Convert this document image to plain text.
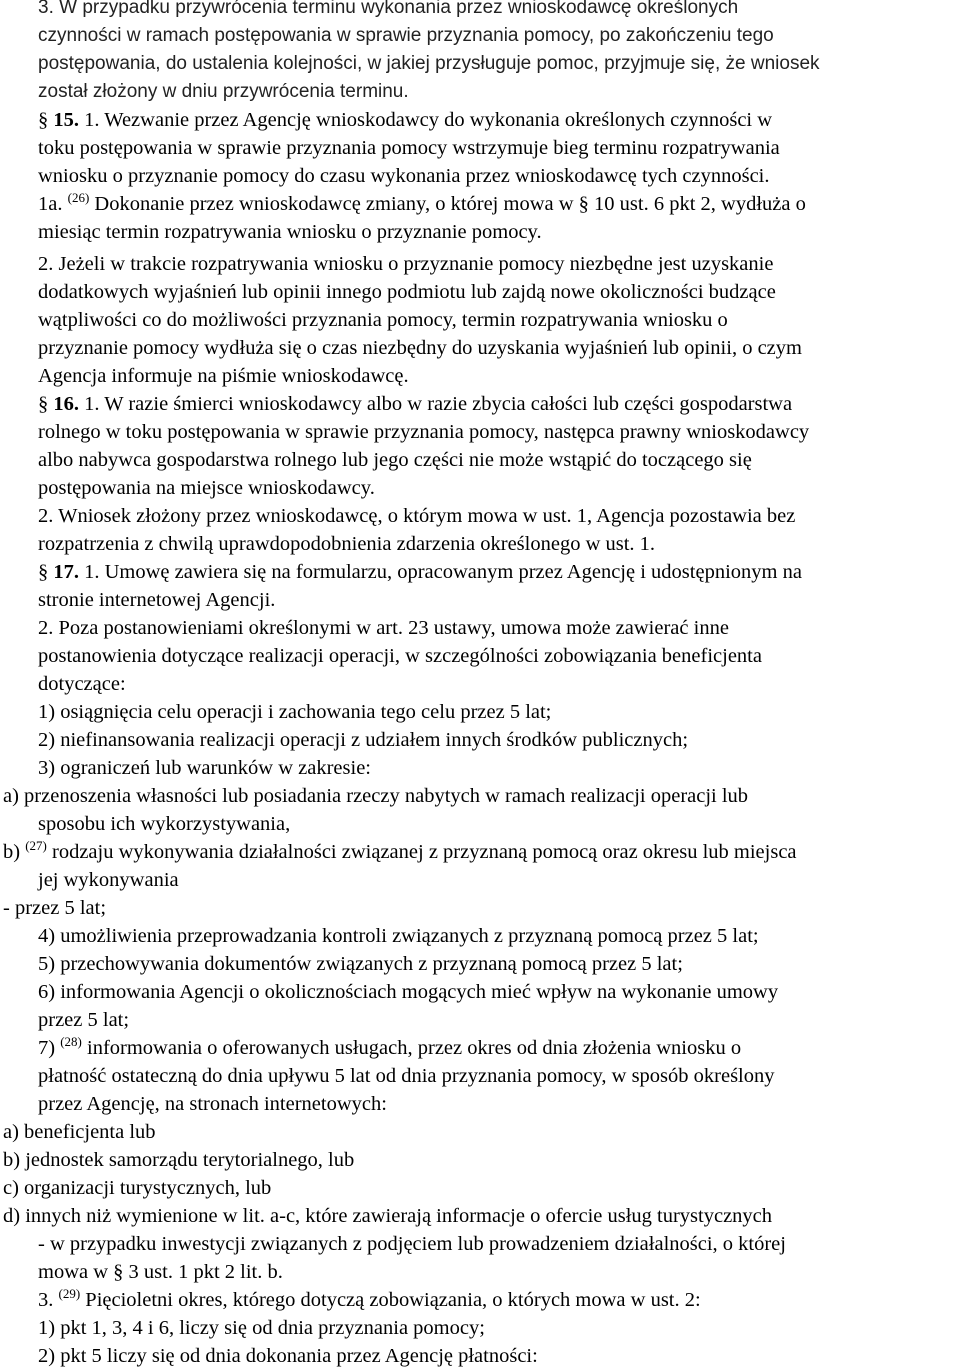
3. W przypadku przywrócenia terminu wykonania przez wnioskodawcę określonych
czynności w ramach postępowania w sprawie przyznania pomocy, po zakończeniu tego
postępowania, do ustalenia kolejności, w jakiej przysługuje pomoc, przyjmuje się, że wniosek
został złożony w dniu przywrócenia terminu.
§ 15. 1. Wezwanie przez Agencję wnioskodawcy do wykonania określonych czynności w
toku postępowania w sprawie przyznania pomocy wstrzymuje bieg terminu rozpatrywania
wniosku o przyznanie pomocy do czasu wykonania przez wnioskodawcę tych czynności.
1a. $^{(26)}$ Dokonanie przez wnioskodawcę zmiany, o której mowa w § 10 ust. 6 pkt 2, wydłuża o
miesiąc termin rozpatrywania wniosku o przyznanie pomocy.
2. Jeżeli w trakcie rozpatrywania wniosku o przyznanie pomocy niezbędne jest uzyskanie
dodatkowych wyjaśnień lub opinii innego podmiotu lub zajdą nowe okoliczności budzące
wątpliwości co do możliwości przyznania pomocy, termin rozpatrywania wniosku o
przyznanie pomocy wydłuża się o czas niezbędny do uzyskania wyjaśnień lub opinii, o czym
Agencja informuje na piśmie wnioskodawcę.
§ 16. 1. W razie śmierci wnioskodawcy albo w razie zbycia całości lub części gospodarstwa
rolnego w toku postępowania w sprawie przyznania pomocy, następca prawny wnioskodawcy
albo nabywca gospodarstwa rolnego lub jego części nie może wstąpić do toczącego się
postępowania na miejsce wnioskodawcy.
2. Wniosek złożony przez wnioskodawcę, o którym mowa w ust. 1, Agencja pozostawia bez
rozpatrzenia z chwilą uprawdopodobnienia zdarzenia określonego w ust. 1.
§ 17. 1. Umowę zawiera się na formularzu, opracowanym przez Agencję i udostępnionym na
stronie internetowej Agencji.
2. Poza postanowieniami określonymi w art. 23 ustawy, umowa może zawierać inne
postanowienia dotyczące realizacji operacji, w szczególności zobowiązania beneficjenta
dotyczące:
1) osiągnięcia celu operacji i zachowania tego celu przez 5 lat;
2) niefinansowania realizacji operacji z udziałem innych środków publicznych;
3) ograniczeń lub warunków w zakresie:
a) przenoszenia własności lub posiadania rzeczy nabytych w ramach realizacji operacji lub
sposobu ich wykorzystywania,
b) $^{(27)}$ rodzaju wykonywania działalności związanej z przyznaną pomocą oraz okresu lub miejsca
jej wykonywania
- przez 5 lat;
4) umożliwienia przeprowadzania kontroli związanych z przyznaną pomocą przez 5 lat;
5) przechowywania dokumentów związanych z przyznaną pomocą przez 5 lat;
6) informowania Agencji o okolicznościach mogących mieć wpływ na wykonanie umowy
przez 5 lat;
7) $^{(28)}$ informowania o oferowanych usługach, przez okres od dnia złożenia wniosku o
płatność ostateczną do dnia upływu 5 lat od dnia przyznania pomocy, w sposób określony
przez Agencję, na stronach internetowych:
a) beneficjenta lub
b) jednostek samorządu terytorialnego, lub
c) organizacji turystycznych, lub
d) innych niż wymienione w lit. a-c, które zawierają informacje o ofercie usług turystycznych
- w przypadku inwestycji związanych z podjęciem lub prowadzeniem działalności, o której
mowa w § 3 ust. 1 pkt 2 lit. b.
3. $^{(29)}$ Pięcioletni okres, którego dotyczą zobowiązania, o których mowa w ust. 2:
1) pkt 1, 3, 4 i 6, liczy się od dnia przyznania pomocy;
2) pkt 5 liczy się od dnia dokonania przez Agencję płatności:
